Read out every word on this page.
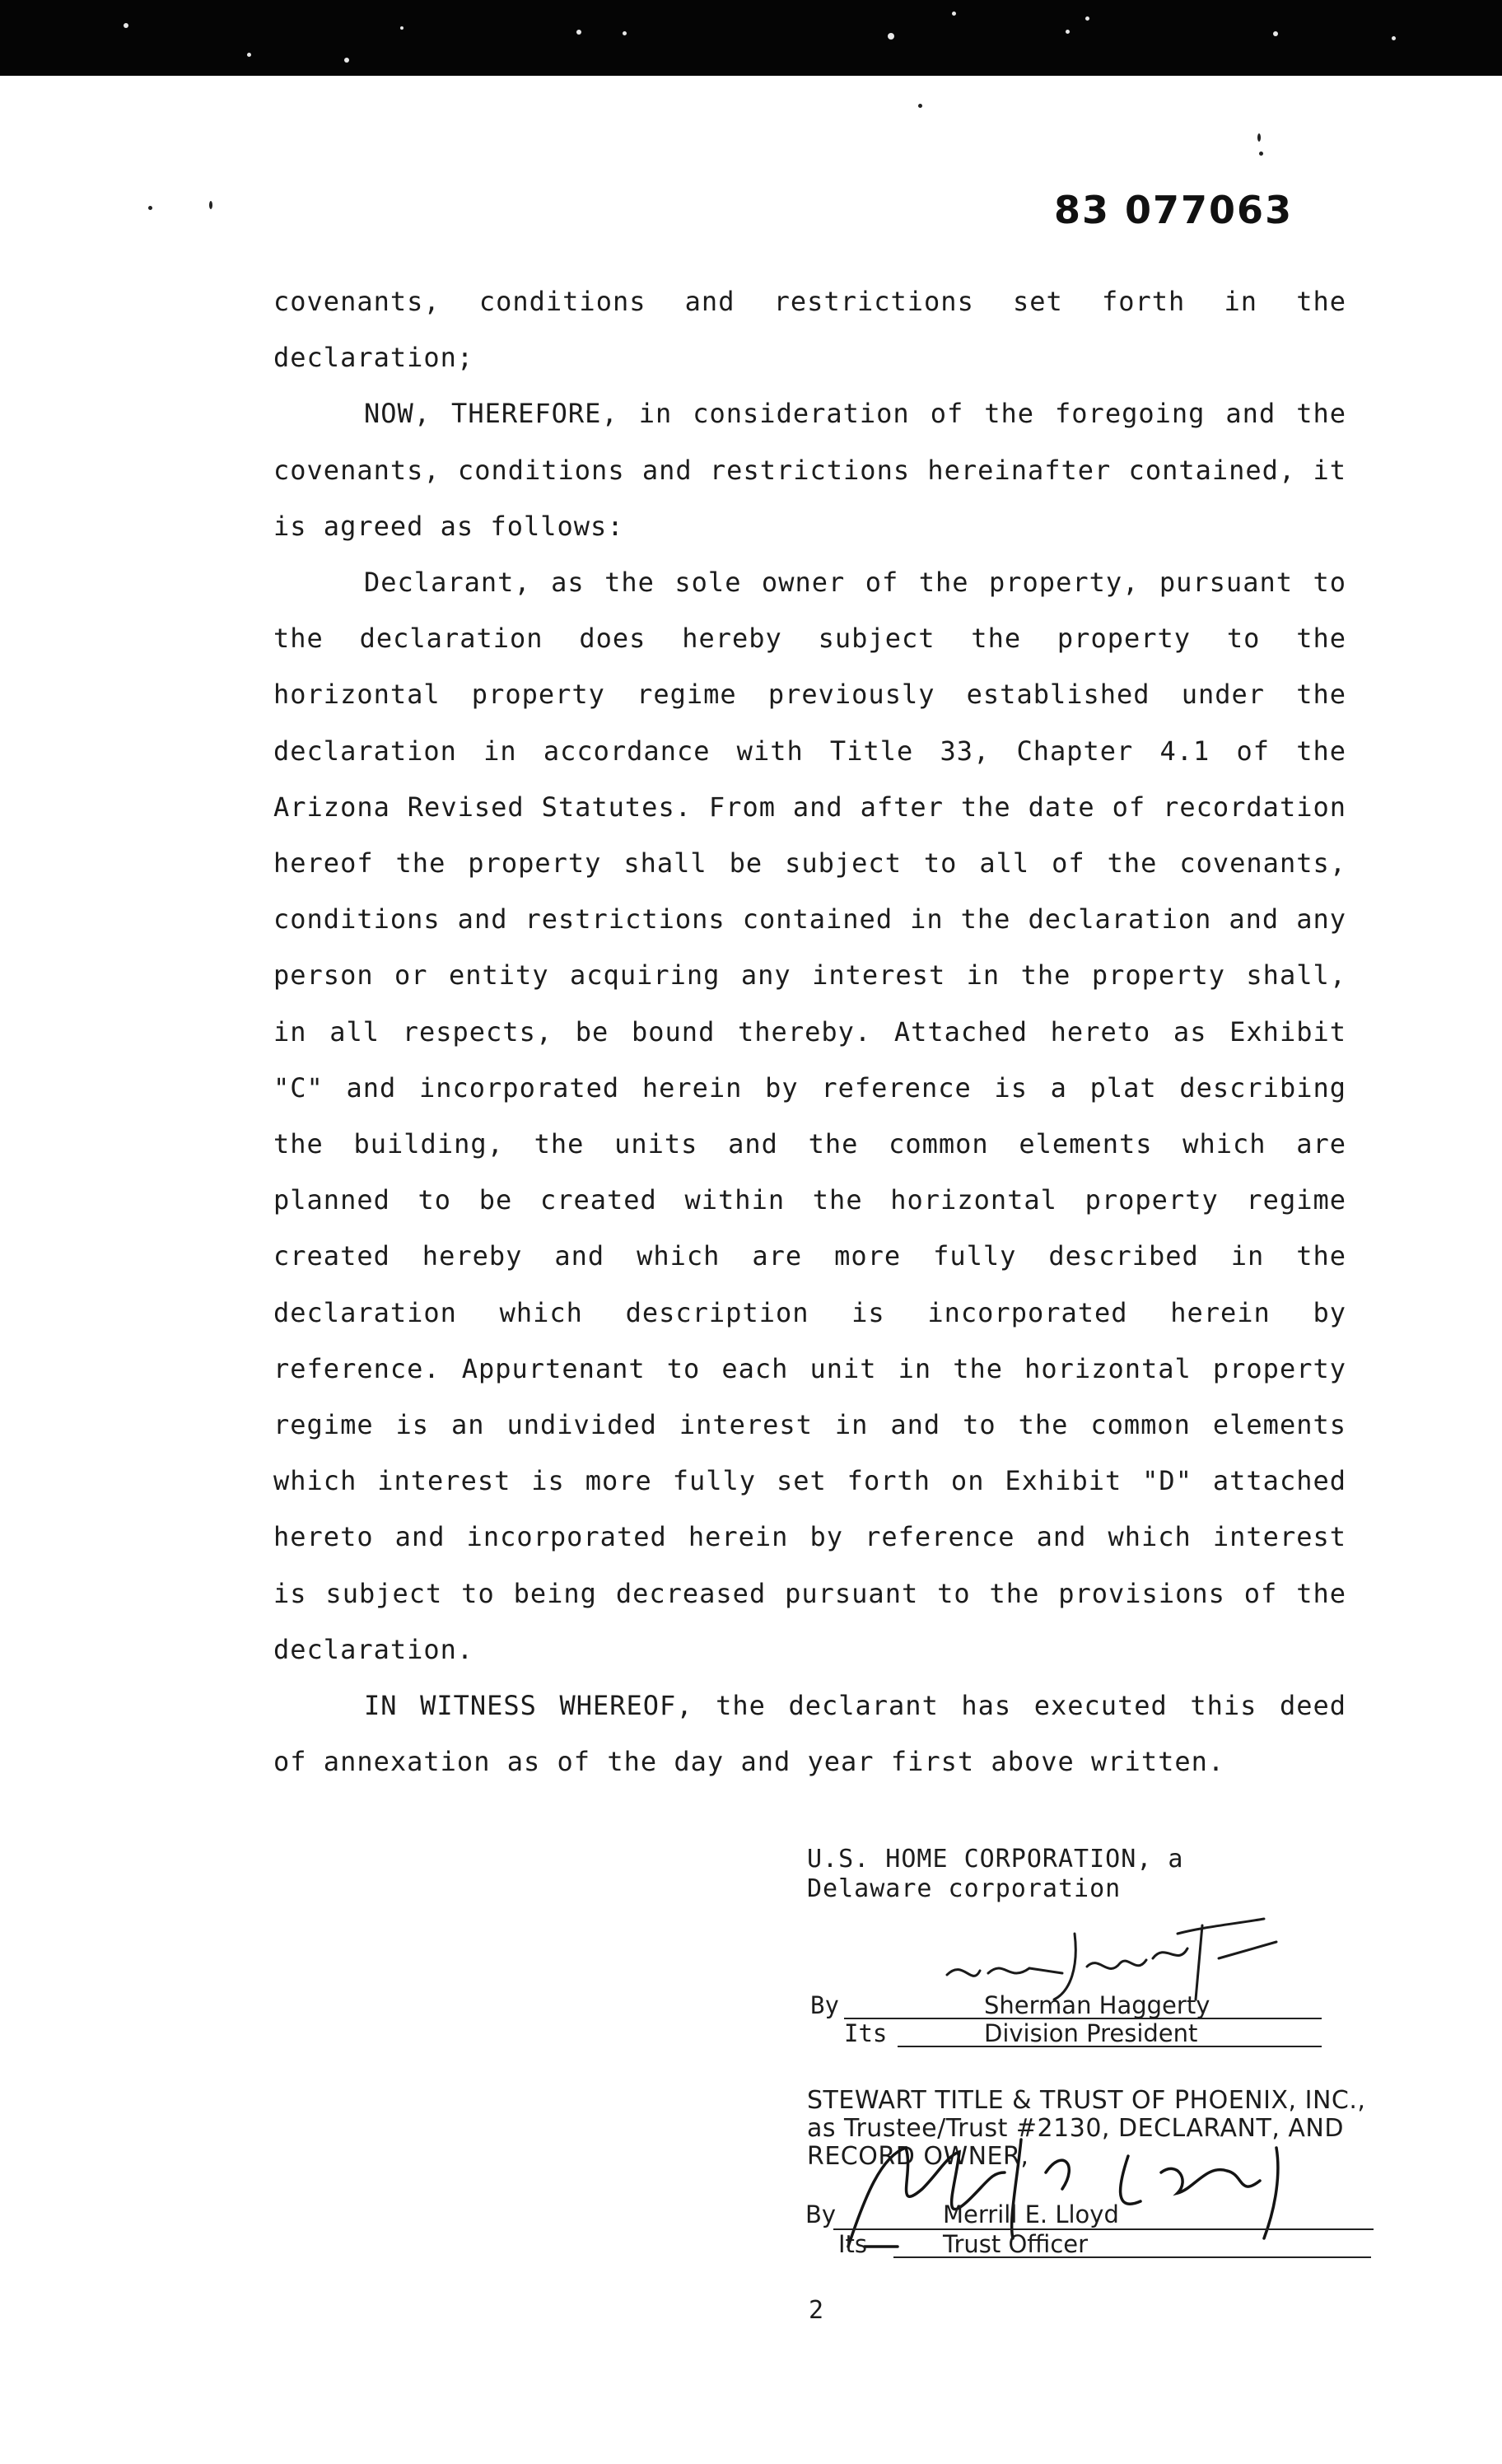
83 077063

covenants, conditions and restrictions set forth in the declaration;

NOW, THEREFORE, in consideration of the foregoing and the covenants, conditions and restrictions hereinafter contained, it is agreed as follows:

Declarant, as the sole owner of the property, pursuant to the declaration does hereby subject the property to the horizontal property regime previously established under the declaration in accordance with Title 33, Chapter 4.1 of the Arizona Revised Statutes. From and after the date of recordation hereof the property shall be subject to all of the covenants, conditions and restrictions contained in the declaration and any person or entity acquiring any interest in the property shall, in all respects, be bound thereby. Attached hereto as Exhibit "C" and incorporated herein by reference is a plat describing the building, the units and the common elements which are planned to be created within the horizontal property regime created hereby and which are more fully described in the declaration which description is incorporated herein by reference. Appurtenant to each unit in the horizontal property regime is an undivided interest in and to the common elements which interest is more fully set forth on Exhibit "D" attached hereto and incorporated herein by reference and which interest is subject to being decreased pursuant to the provisions of the declaration.

IN WITNESS WHEREOF, the declarant has executed this deed of annexation as of the day and year first above written.

U.S. HOME CORPORATION, a
Delaware corporation
By	Sherman Haggerty
Its	Division President
STEWART TITLE & TRUST OF PHOENIX, INC.,
as Trustee/Trust #2130, DECLARANT, AND
RECORD OWNER,
By	Merrill E. Lloyd
Its	Trust Officer
2
